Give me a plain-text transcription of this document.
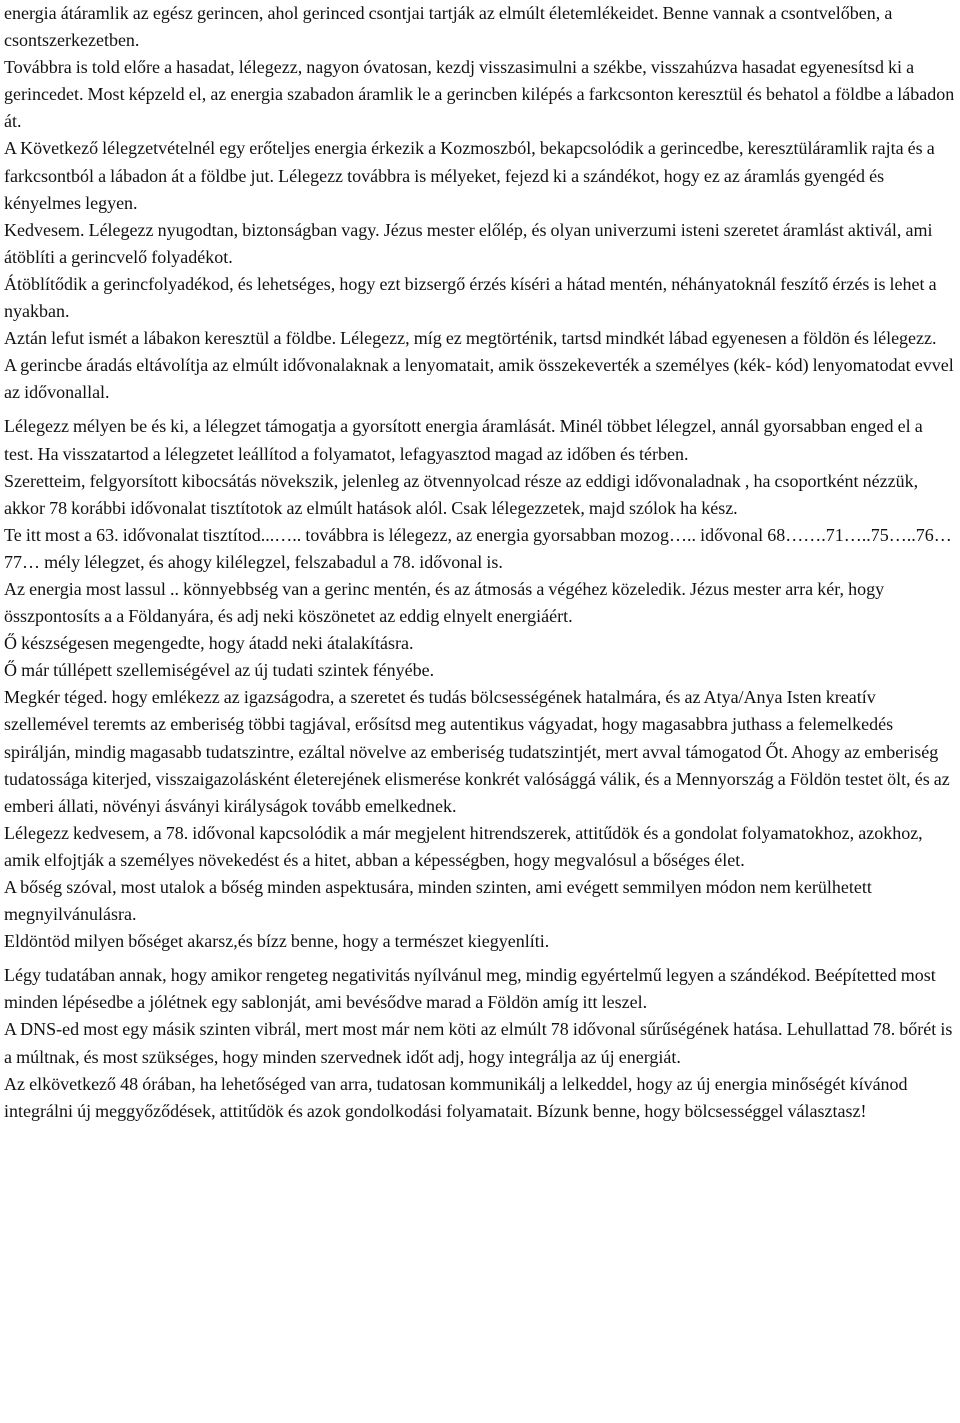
energia átáramlik az egész gerincen, ahol gerinced csontjai tartják az elmúlt életemlékeidet. Benne vannak a csontvelőben, a csontszerkezetben.

Továbbra is told előre a hasadat, lélegezz, nagyon óvatosan, kezdj visszasimulni a székbe, visszahúzva hasadat egyenesítsd ki a gerincedet. Most képzeld el, az energia szabadon áramlik le a gerincben kilépés a farkcsonton keresztül és behatol a földbe a lábadon át.

A Következő lélegzetvételnél egy erőteljes energia érkezik a Kozmoszból, bekapcsolódik a gerincedbe, keresztüláramlik rajta és a farkcsontból a lábadon át a földbe jut. Lélegezz továbbra is mélyeket, fejezd ki a szándékot, hogy ez az áramlás gyengéd és kényelmes legyen.

Kedvesem. Lélegezz nyugodtan, biztonságban vagy. Jézus mester előlép, és olyan univerzumi isteni szeretet áramlást aktivál, ami átöblíti a gerincvelő folyadékot.

Átöblítődik a gerincfolyadékod, és lehetséges, hogy ezt bizsergő érzés kíséri a hátad mentén, néhányatoknál feszítő érzés is lehet a nyakban.

Aztán lefut ismét a lábakon keresztül a földbe. Lélegezz, míg ez megtörténik, tartsd mindkét lábad egyenesen a földön és lélegezz.

A gerincbe áradás eltávolítja az elmúlt idővonalaknak a lenyomatait, amik összekeverték a személyes (kék- kód) lenyomatodat evvel az idővonallal.

Lélegezz mélyen be és ki, a lélegzet támogatja a gyorsított energia áramlását. Minél többet lélegzel, annál gyorsabban enged el a test. Ha visszatartod a lélegzetet leállítod a folyamatot, lefagyasztod magad az időben és térben.

Szeretteim, felgyorsított kibocsátás növekszik, jelenleg az ötvennyolcad része az eddigi idővonaladnak , ha csoportként nézzük, akkor 78 korábbi idővonalat tisztítotok az elmúlt hatások alól. Csak lélegezzetek, majd szólok ha kész.

Te itt most a 63. idővonalat tisztítod...….. továbbra is lélegezz, az energia gyorsabban mozog….. idővonal 68…….71…..75…..76…77… mély lélegzet, és ahogy kilélegzel, felszabadul a 78. idővonal is.

Az energia most lassul .. könnyebbség van a gerinc mentén, és az átmosás a végéhez közeledik. Jézus mester arra kér, hogy összpontosíts a a Földanyára, és adj neki köszönetet az eddig elnyelt energiáért.

Ő készségesen megengedte, hogy átadd neki átalakításra.

Ő már túllépett szellemiségével az új tudati szintek fényébe.

Megkér téged. hogy emlékezz az igazságodra, a szeretet és tudás bölcsességének hatalmára, és az Atya/Anya Isten kreatív szellemével teremts az emberiség többi tagjával, erősítsd meg autentikus vágyadat, hogy magasabbra juthass a felemelkedés spirálján, mindig magasabb tudatszintre, ezáltal növelve az emberiség tudatszintjét, mert avval támogatod Őt. Ahogy az emberiség tudatossága kiterjed, visszaigazolásként életerejének elismerése konkrét valósággá válik, és a Mennyország a Földön testet ölt, és az emberi állati, növényi ásványi királyságok tovább emelkednek.

Lélegezz kedvesem, a 78. idővonal kapcsolódik a már megjelent hitrendszerek, attitűdök és a gondolat folyamatokhoz, azokhoz, amik elfojtják a személyes növekedést és a hitet, abban a képességben, hogy megvalósul a bőséges élet.

A bőség szóval, most utalok a bőség minden aspektusára, minden szinten, ami evégett semmilyen módon nem kerülhetett megnyilvánulásra.

Eldöntöd milyen bőséget akarsz,és bízz benne, hogy a természet kiegyenlíti.

Légy tudatában annak, hogy amikor rengeteg negativitás nyílvánul meg, mindig egyértelmű legyen a szándékod. Beépítetted most minden lépésedbe a jólétnek egy sablonját, ami bevésődve marad a Földön amíg itt leszel.

A DNS-ed most egy másik szinten vibrál, mert most már nem köti az elmúlt 78 idővonal sűrűségének hatása. Lehullattad 78. bőrét is a múltnak, és most szükséges, hogy minden szervednek időt adj, hogy integrálja az új energiát.

Az elkövetkező 48 órában, ha lehetőséged van arra, tudatosan kommunikálj a lelkeddel, hogy az új energia minőségét kívánod integrálni új meggyőződések, attitűdök és azok gondolkodási folyamatait. Bízunk benne, hogy bölcsességgel választasz!
